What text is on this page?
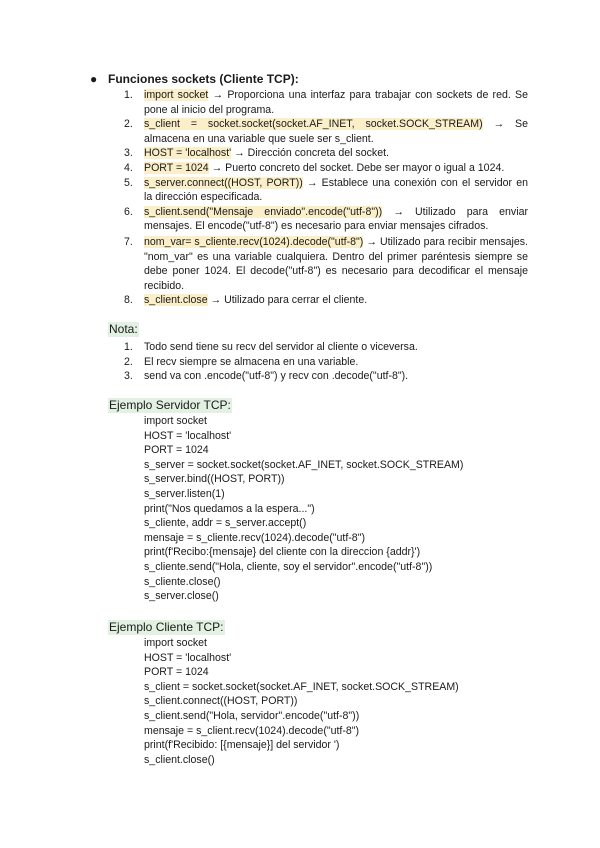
● Funciones sockets (Cliente TCP):
1. import socket → Proporciona una interfaz para trabajar con sockets de red. Se pone al inicio del programa.
2. s_client = socket.socket(socket.AF_INET, socket.SOCK_STREAM) → Se almacena en una variable que suele ser s_client.
3. HOST = 'localhost' → Dirección concreta del socket.
4. PORT = 1024 → Puerto concreto del socket. Debe ser mayor o igual a 1024.
5. s_server.connect((HOST, PORT)) → Establece una conexión con el servidor en la dirección especificada.
6. s_client.send("Mensaje enviado".encode("utf-8")) → Utilizado para enviar mensajes. El encode("utf-8") es necesario para enviar mensajes cifrados.
7. nom_var= s_cliente.recv(1024).decode("utf-8") → Utilizado para recibir mensajes. "nom_var" es una variable cualquiera. Dentro del primer paréntesis siempre se debe poner 1024. El decode("utf-8") es necesario para decodificar el mensaje recibido.
8. s_client.close → Utilizado para cerrar el cliente.
Nota:
1. Todo send tiene su recv del servidor al cliente o viceversa.
2. El recv siempre se almacena en una variable.
3. send va con .encode("utf-8") y recv con .decode("utf-8").
Ejemplo Servidor TCP:
import socket
HOST = 'localhost'
PORT = 1024
s_server = socket.socket(socket.AF_INET, socket.SOCK_STREAM)
s_server.bind((HOST, PORT))
s_server.listen(1)
print("Nos quedamos a la espera...")
s_cliente, addr = s_server.accept()
mensaje = s_cliente.recv(1024).decode("utf-8")
print(f'Recibo:{mensaje} del cliente con la direccion {addr}')
s_cliente.send("Hola, cliente, soy el servidor".encode("utf-8"))
s_cliente.close()
s_server.close()
Ejemplo Cliente TCP:
import socket
HOST = 'localhost'
PORT = 1024
s_client = socket.socket(socket.AF_INET, socket.SOCK_STREAM)
s_client.connect((HOST, PORT))
s_client.send("Hola, servidor".encode("utf-8"))
mensaje = s_client.recv(1024).decode("utf-8")
print(f'Recibido: [{mensaje}] del servidor ')
s_client.close()
